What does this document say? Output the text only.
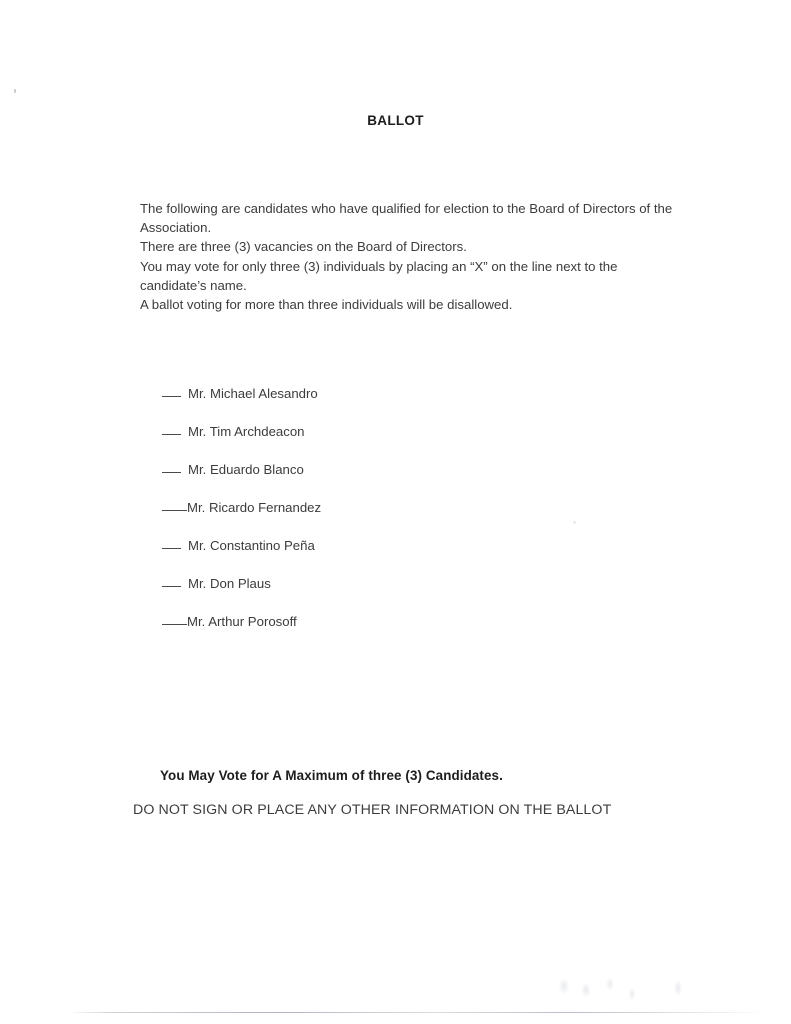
BALLOT
The following are candidates who have qualified for election to the Board of Directors of the Association.
There are three (3) vacancies on the Board of Directors.
You may vote for only three (3) individuals by placing an “X” on the line next to the candidate’s name.
A ballot voting for more than three individuals will be disallowed.

Mr. Michael Alesandro

Mr. Tim Archdeacon

Mr. Eduardo Blanco

Mr. Ricardo Fernandez

Mr. Constantino Peña

Mr. Don Plaus

Mr. Arthur Porosoff

You May Vote for A Maximum of three (3) Candidates.
DO NOT SIGN OR PLACE ANY OTHER INFORMATION ON THE BALLOT
